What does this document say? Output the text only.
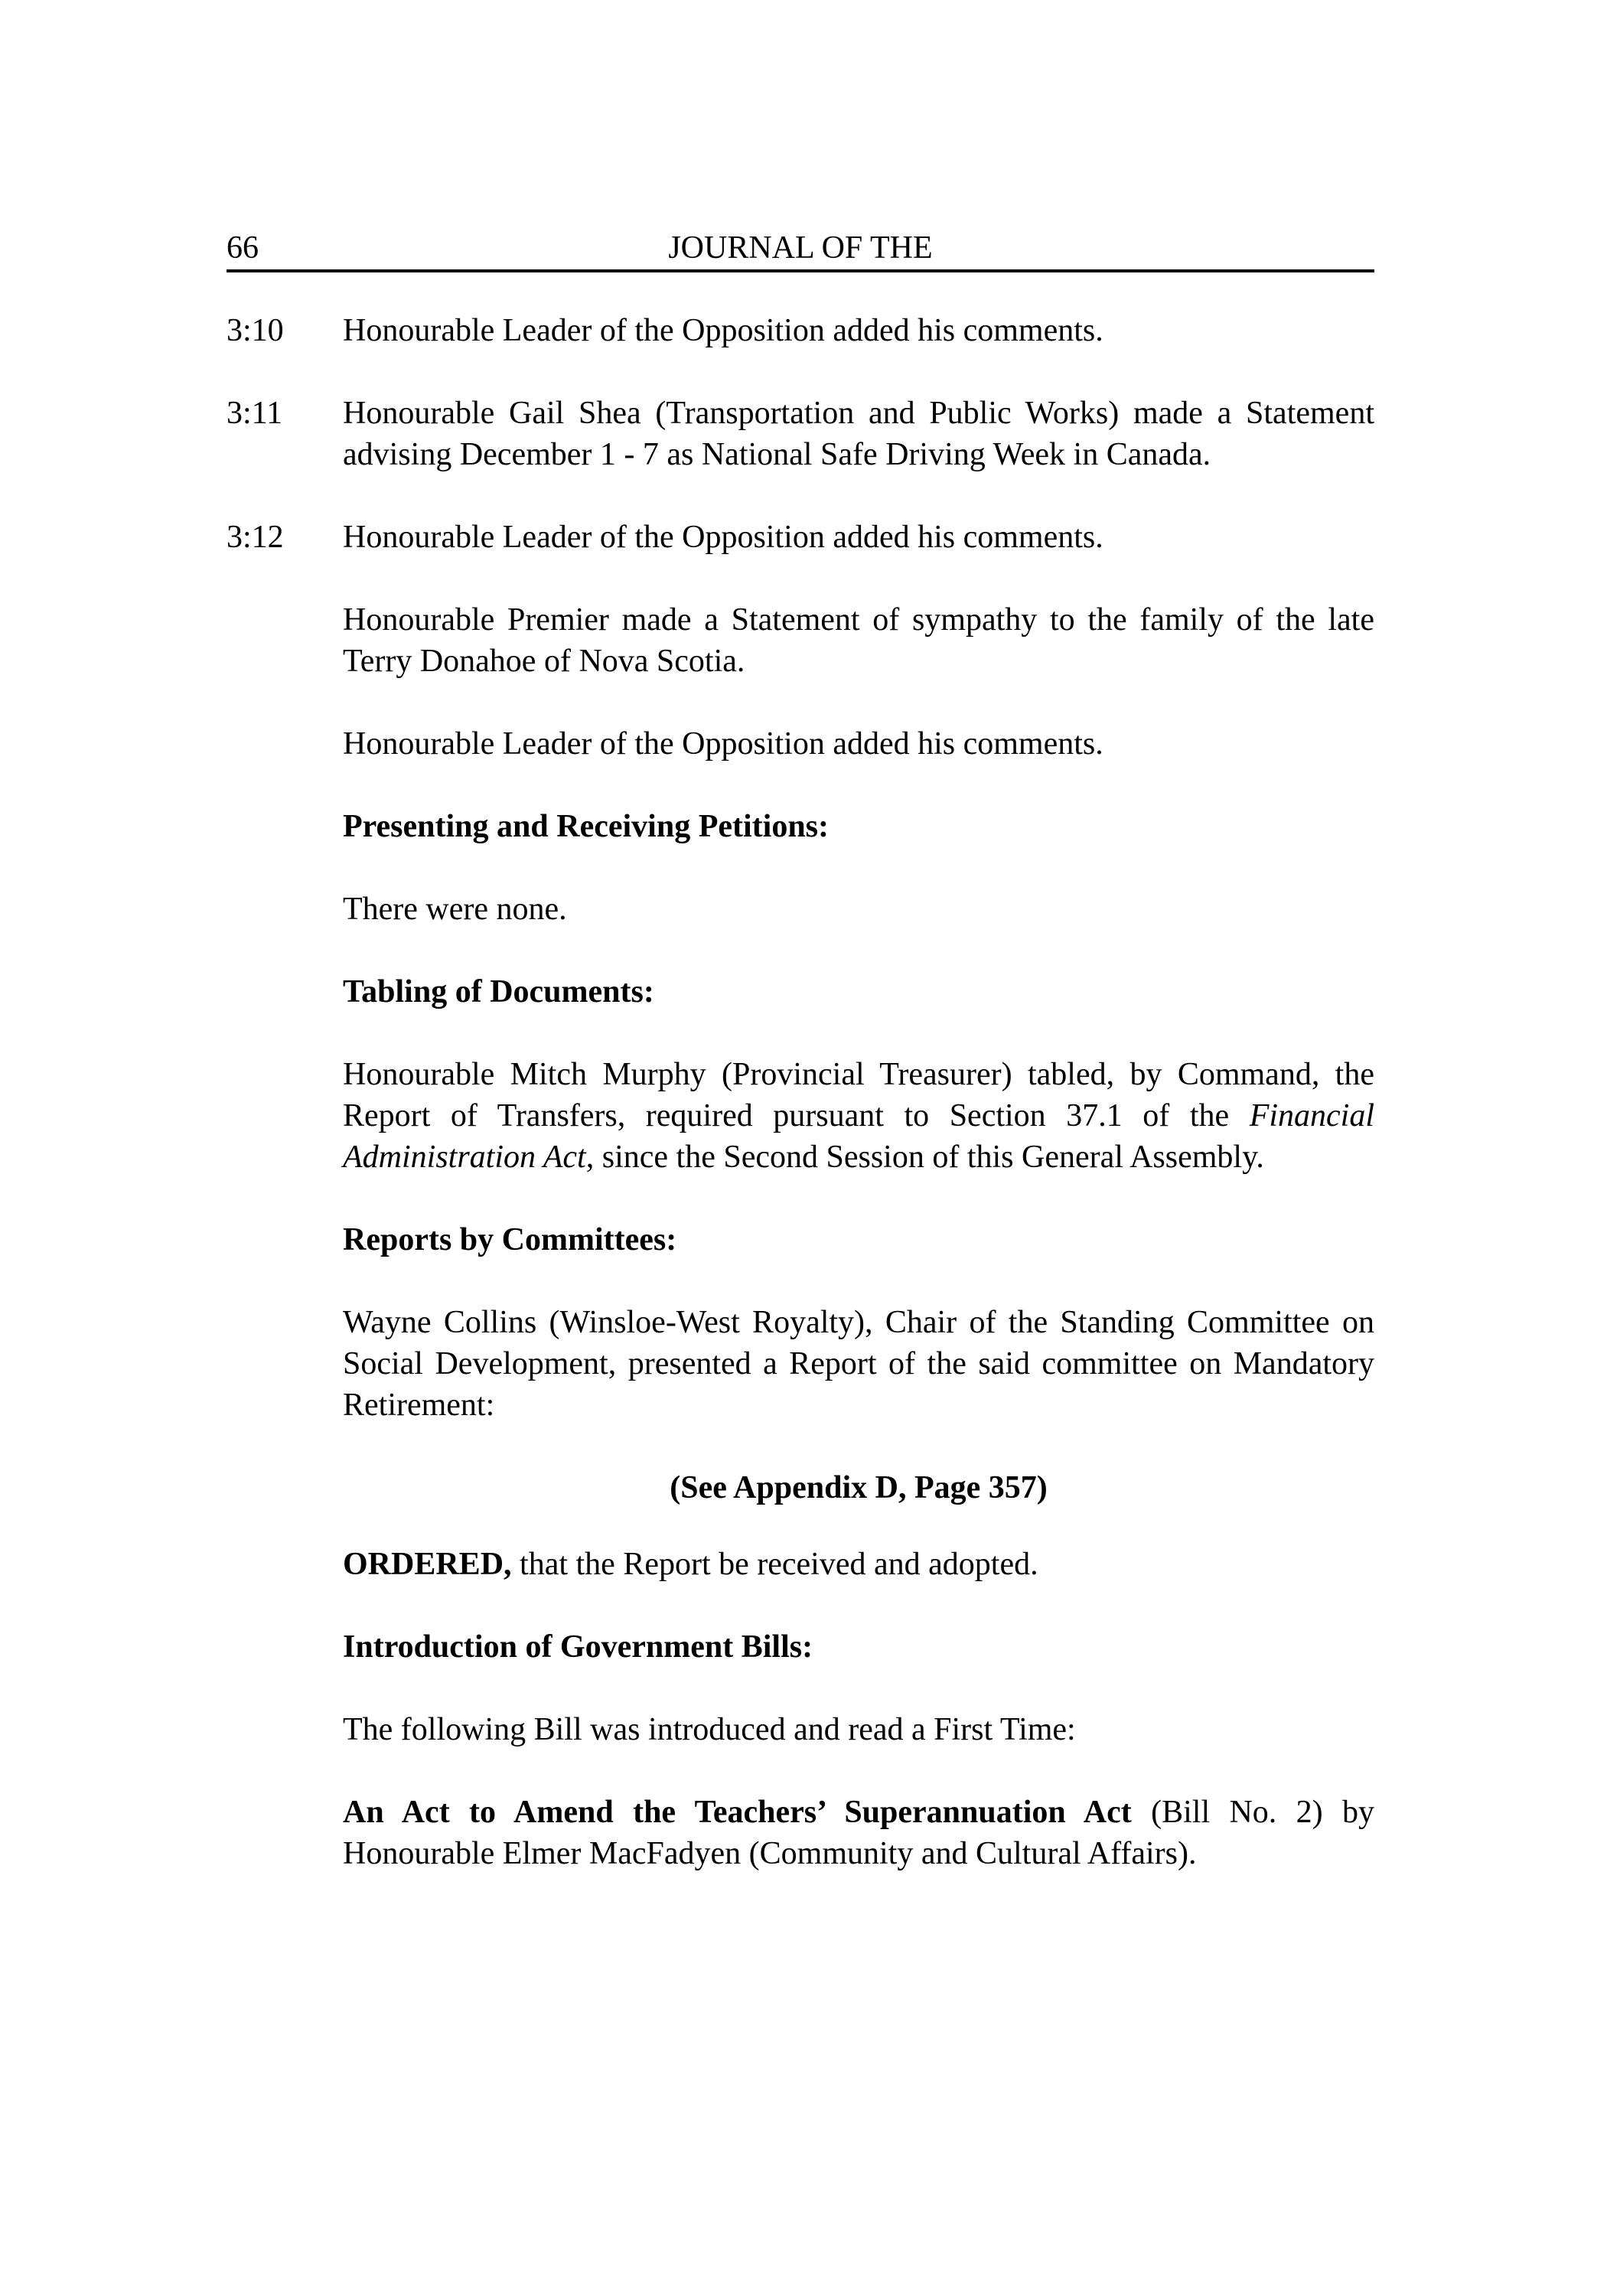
66	JOURNAL OF THE
3:10 Honourable Leader of the Opposition added his comments.
3:11 Honourable Gail Shea (Transportation and Public Works) made a Statement advising December 1 - 7 as National Safe Driving Week in Canada.
3:12 Honourable Leader of the Opposition added his comments.
Honourable Premier made a Statement of sympathy to the family of the late Terry Donahoe of Nova Scotia.
Honourable Leader of the Opposition added his comments.
Presenting and Receiving Petitions:
There were none.
Tabling of Documents:
Honourable Mitch Murphy (Provincial Treasurer) tabled, by Command, the Report of Transfers, required pursuant to Section 37.1 of the Financial Administration Act, since the Second Session of this General Assembly.
Reports by Committees:
Wayne Collins (Winsloe-West Royalty), Chair of the Standing Committee on Social Development, presented a Report of the said committee on Mandatory Retirement:
(See Appendix D, Page 357)
ORDERED, that the Report be received and adopted.
Introduction of Government Bills:
The following Bill was introduced and read a First Time:
An Act to Amend the Teachers’ Superannuation Act (Bill No. 2) by Honourable Elmer MacFadyen (Community and Cultural Affairs).
